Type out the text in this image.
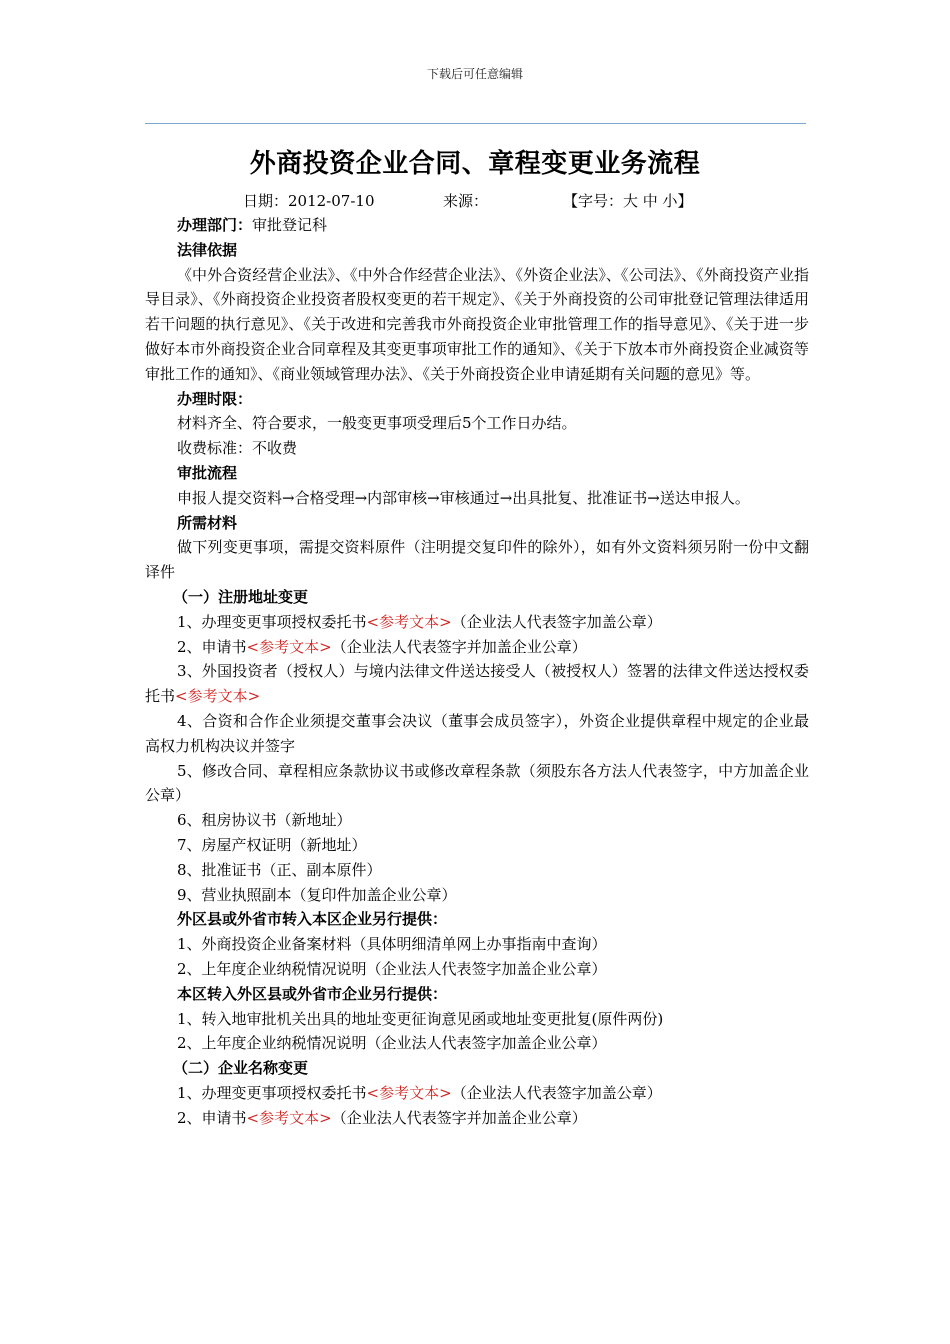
下载后可任意编辑
外商投资企业合同、章程变更业务流程
日期：2012-07-10	来源：	【字号：大 中 小】

办理部门：审批登记科

法律依据

《中外合资经营企业法》、《中外合作经营企业法》、《外资企业法》、《公司法》、《外商投资产业指导目录》、《外商投资企业投资者股权变更的若干规定》、《关于外商投资的公司审批登记管理法律适用若干问题的执行意见》、《关于改进和完善我市外商投资企业审批管理工作的指导意见》、《关于进一步做好本市外商投资企业合同章程及其变更事项审批工作的通知》、《关于下放本市外商投资企业减资等审批工作的通知》、《商业领域管理办法》、《关于外商投资企业申请延期有关问题的意见》等。

办理时限：

材料齐全、符合要求，一般变更事项受理后5个工作日办结。

收费标准：不收费

审批流程

申报人提交资料→合格受理→内部审核→审核通过→出具批复、批准证书→送达申报人。

所需材料

做下列变更事项，需提交资料原件（注明提交复印件的除外），如有外文资料须另附一份中文翻译件

（一）注册地址变更

1、办理变更事项授权委托书<参考文本>（企业法人代表签字加盖公章）

2、申请书<参考文本>（企业法人代表签字并加盖企业公章）

3、外国投资者（授权人）与境内法律文件送达接受人（被授权人）签署的法律文件送达授权委托书<参考文本>

4、合资和合作企业须提交董事会决议（董事会成员签字），外资企业提供章程中规定的企业最高权力机构决议并签字

5、修改合同、章程相应条款协议书或修改章程条款（须股东各方法人代表签字，中方加盖企业公章）

6、租房协议书（新地址）

7、房屋产权证明（新地址）

8、批准证书（正、副本原件）

9、营业执照副本（复印件加盖企业公章）

外区县或外省市转入本区企业另行提供：

1、外商投资企业备案材料（具体明细清单网上办事指南中查询）

2、上年度企业纳税情况说明（企业法人代表签字加盖企业公章）

本区转入外区县或外省市企业另行提供：

1、转入地审批机关出具的地址变更征询意见函或地址变更批复(原件两份)

2、上年度企业纳税情况说明（企业法人代表签字加盖企业公章）

（二）企业名称变更

1、办理变更事项授权委托书<参考文本>（企业法人代表签字加盖公章）

2、申请书<参考文本>（企业法人代表签字并加盖企业公章）
